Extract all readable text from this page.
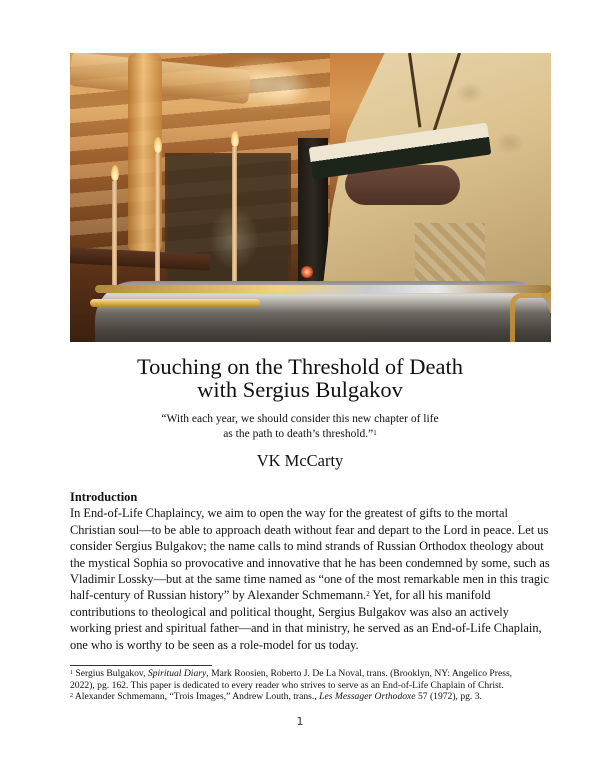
Touching on the Threshold of Death
with Sergius Bulgakov
“With each year, we should consider this new chapter of life
as the path to death’s threshold.”$^1$
VK McCarty
Introduction
In End-of-Life Chaplaincy, we aim to open the way for the greatest of gifts to the mortal
Christian soul—to be able to approach death without fear and depart to the Lord in peace. Let us
consider Sergius Bulgakov; the name calls to mind strands of Russian Orthodox theology about
the mystical Sophia so provocative and innovative that he has been condemned by some, such as
Vladimir Lossky—but at the same time named as “one of the most remarkable men in this tragic
half-century of Russian history” by Alexander Schmemann.$^2$ Yet, for all his manifold
contributions to theological and political thought, Sergius Bulgakov was also an actively
working priest and spiritual father—and in that ministry, he served as an End-of-Life Chaplain,
one who is worthy to be seen as a role-model for us today.
$^1$ Sergius Bulgakov, Spiritual Diary, Mark Roosien, Roberto J. De La Noval, trans. (Brooklyn, NY: Angelico Press,
2022), pg. 162. This paper is dedicated to every reader who strives to serve as an End-of-Life Chaplain of Christ.
$^2$ Alexander Schmemann, “Trois Images,” Andrew Louth, trans., Les Messager Orthodoxe 57 (1972), pg. 3.
1
